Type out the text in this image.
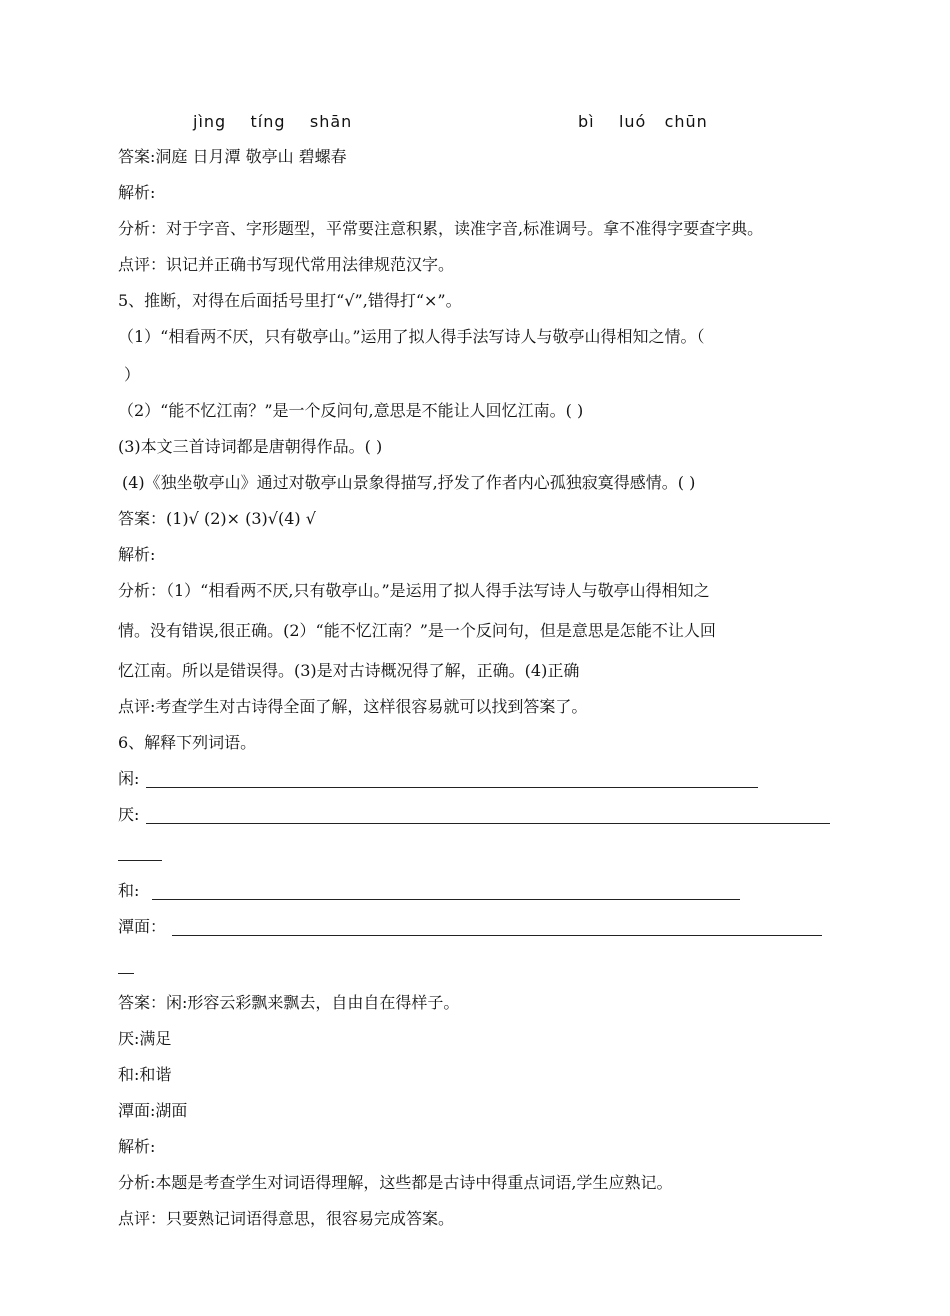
jìng    tíng    shān	bì    luó   chūn
答案:洞庭 日月潭 敬亭山 碧螺春
解析:
分析：对于字音、字形题型，平常要注意积累，读准字音,标准调号。拿不准得字要查字典。
点评：识记并正确书写现代常用法律规范汉字。
5、推断，对得在后面括号里打“√”,错得打“×”。
（1）“相看两不厌，只有敬亭山。”运用了拟人得手法写诗人与敬亭山得相知之情。（
）
（2）“能不忆江南？”是一个反问句,意思是不能让人回忆江南。( )
(3)本文三首诗词都是唐朝得作品。( )
(4)《独坐敬亭山》通过对敬亭山景象得描写,抒发了作者内心孤独寂寞得感情。( )
答案：(1)√ (2)× (3)√(4) √
解析:
分析：（1）“相看两不厌,只有敬亭山。”是运用了拟人得手法写诗人与敬亭山得相知之
情。没有错误,很正确。(2）“能不忆江南？”是一个反问句，但是意思是怎能不让人回
忆江南。所以是错误得。(3)是对古诗概况得了解，正确。(4)正确
点评:考查学生对古诗得全面了解，这样很容易就可以找到答案了。
6、解释下列词语。
闲:
厌:
和:
潭面：
答案：闲:形容云彩飘来飘去，自由自在得样子。
厌:满足
和:和谐
潭面:湖面
解析:
分析:本题是考查学生对词语得理解，这些都是古诗中得重点词语,学生应熟记。
点评：只要熟记词语得意思，很容易完成答案。
